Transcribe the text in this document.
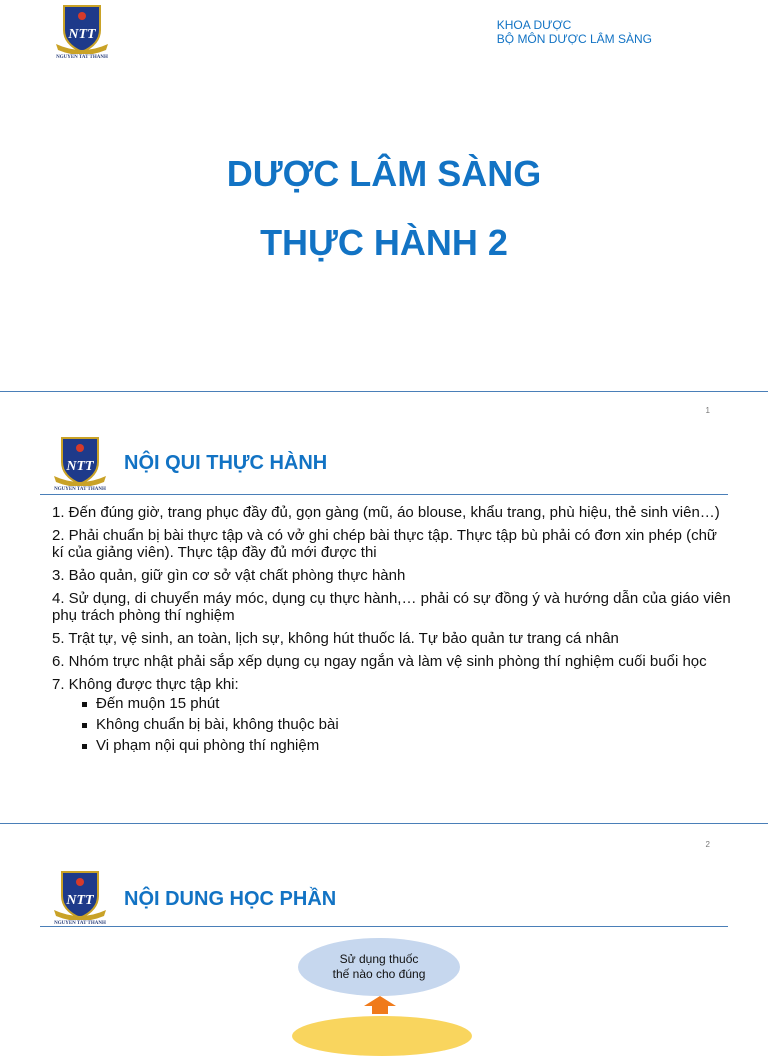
NTT
NGUYEN TAT THANH
KHOA DƯỢC
BỘ MÔN DƯỢC LÂM SÀNG
DƯỢC LÂM SÀNG
THỰC HÀNH 2
1
NTT
NGUYEN TAT THANH
NỘI QUI THỰC HÀNH
1. Đến đúng giờ, trang phục đầy đủ, gọn gàng (mũ, áo blouse, khẩu trang, phù hiệu, thẻ sinh viên…)
2. Phải chuẩn bị bài thực tập và có vở ghi chép bài thực tập. Thực tập bù phải có đơn xin phép (chữ kí của giảng viên). Thực tập đầy đủ mới được thi
3. Bảo quản, giữ gìn cơ sở vật chất phòng thực hành
4. Sử dụng, di chuyển máy móc, dụng cụ thực hành,… phải có sự đồng ý và hướng dẫn của giáo viên phụ trách phòng thí nghiệm
5. Trật tự, vệ sinh, an toàn, lịch sự, không hút thuốc lá. Tự bảo quản tư trang cá nhân
6. Nhóm trực nhật phải sắp xếp dụng cụ ngay ngắn và làm vệ sinh phòng thí nghiệm cuối buổi học
7. Không được thực tập khi:
Đến muộn 15 phút
Không chuẩn bị bài, không thuộc bài
Vi phạm nội qui phòng thí nghiệm
2
NTT
NGUYEN TAT THANH
NỘI DUNG HỌC PHẦN
Sử dụng thuốc
thế nào cho đúng
